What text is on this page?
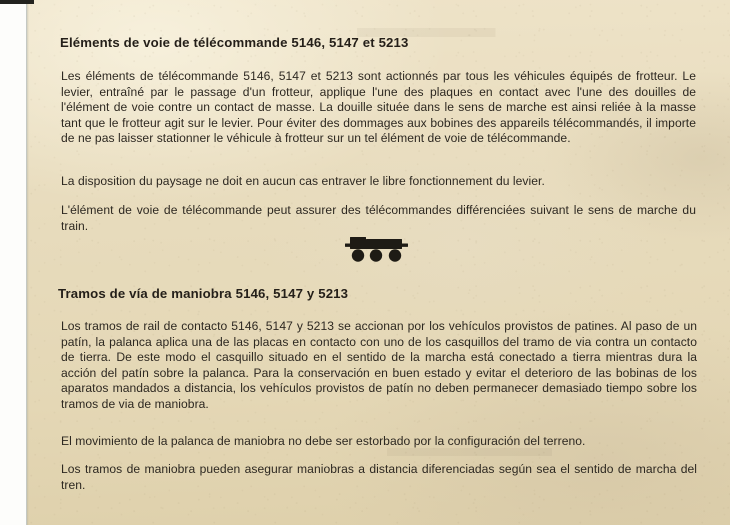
Eléments de voie de télécommande 5146, 5147 et 5213
Les éléments de télécommande 5146, 5147 et 5213 sont actionnés par tous les véhicules équipés de frotteur. Le levier, entraîné par le passage d'un frotteur, applique l'une des plaques en contact avec l'une des douilles de l'élément de voie contre un contact de masse. La douille située dans le sens de marche est ainsi reliée à la masse tant que le frotteur agit sur le levier. Pour éviter des dommages aux bobines des appareils télécommandés, il importe de ne pas laisser stationner le véhicule à frotteur sur un tel élément de voie de télécommande.
La disposition du paysage ne doit en aucun cas entraver le libre fonctionnement du levier.
L'élément de voie de télécommande peut assurer des télécommandes différenciées suivant le sens de marche du train.
Tramos de vía de maniobra 5146, 5147 y 5213
Los tramos de rail de contacto 5146, 5147 y 5213 se accionan por los vehículos provistos de patines. Al paso de un patín, la palanca aplica una de las placas en contacto con uno de los casquillos del tramo de via contra un contacto de tierra. De este modo el casquillo situado en el sentido de la marcha está conectado a tierra mientras dura la acción del patín sobre la palanca. Para la conservación en buen estado y evitar el deterioro de las bobinas de los aparatos mandados a distancia, los vehículos provistos de patín no deben permanecer demasiado tiempo sobre los tramos de via de maniobra.
El movimiento de la palanca de maniobra no debe ser estorbado por la configuración del terreno.
Los tramos de maniobra pueden asegurar maniobras a distancia diferenciadas según sea el sentido de marcha del tren.
